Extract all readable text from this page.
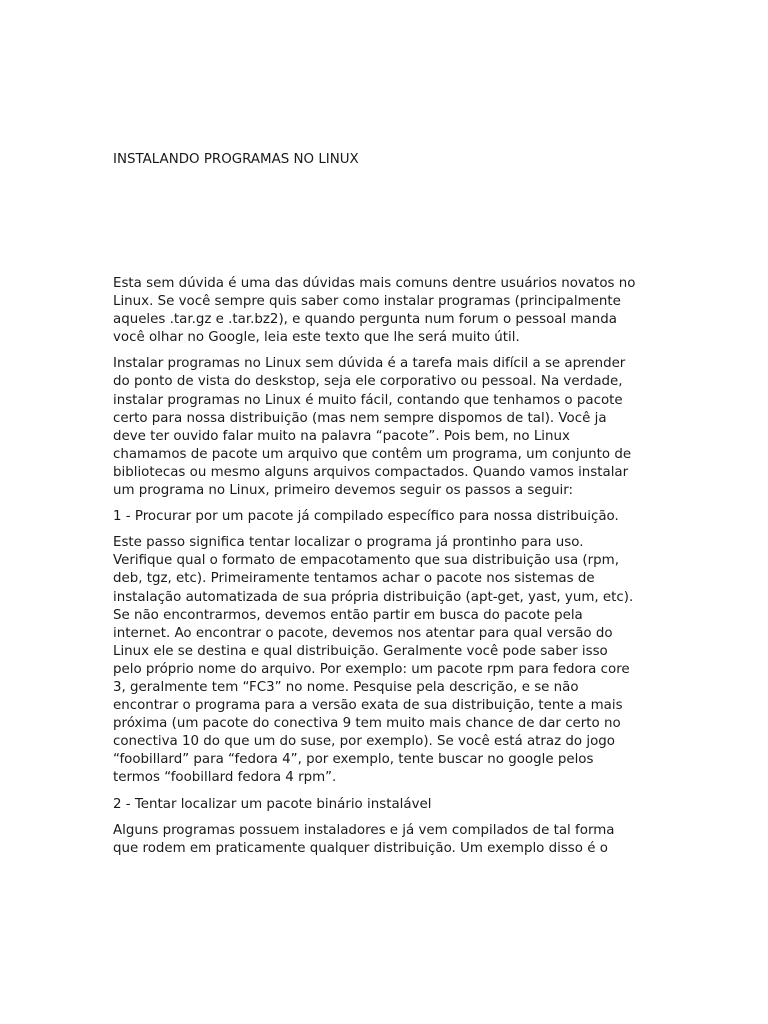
INSTALANDO PROGRAMAS NO LINUX

Esta sem dúvida é uma das dúvidas mais comuns dentre usuários novatos no
Linux. Se você sempre quis saber como instalar programas (principalmente
aqueles .tar.gz e .tar.bz2), e quando pergunta num forum o pessoal manda
você olhar no Google, leia este texto que lhe será muito útil.

Instalar programas no Linux sem dúvida é a tarefa mais difícil a se aprender
do ponto de vista do deskstop, seja ele corporativo ou pessoal. Na verdade,
instalar programas no Linux é muito fácil, contando que tenhamos o pacote
certo para nossa distribuição (mas nem sempre dispomos de tal). Você ja
deve ter ouvido falar muito na palavra “pacote”. Pois bem, no Linux
chamamos de pacote um arquivo que contêm um programa, um conjunto de
bibliotecas ou mesmo alguns arquivos compactados. Quando vamos instalar
um programa no Linux, primeiro devemos seguir os passos a seguir:

1 - Procurar por um pacote já compilado específico para nossa distribuição.

Este passo significa tentar localizar o programa já prontinho para uso.
Verifique qual o formato de empacotamento que sua distribuição usa (rpm,
deb, tgz, etc). Primeiramente tentamos achar o pacote nos sistemas de
instalação automatizada de sua própria distribuição (apt-get, yast, yum, etc).
Se não encontrarmos, devemos então partir em busca do pacote pela
internet. Ao encontrar o pacote, devemos nos atentar para qual versão do
Linux ele se destina e qual distribuição. Geralmente você pode saber isso
pelo próprio nome do arquivo. Por exemplo: um pacote rpm para fedora core
3, geralmente tem “FC3” no nome. Pesquise pela descrição, e se não
encontrar o programa para a versão exata de sua distribuição, tente a mais
próxima (um pacote do conectiva 9 tem muito mais chance de dar certo no
conectiva 10 do que um do suse, por exemplo). Se você está atraz do jogo
“foobillard” para “fedora 4”, por exemplo, tente buscar no google pelos
termos “foobillard fedora 4 rpm”.

2 - Tentar localizar um pacote binário instalável

Alguns programas possuem instaladores e já vem compilados de tal forma
que rodem em praticamente qualquer distribuição. Um exemplo disso é o
